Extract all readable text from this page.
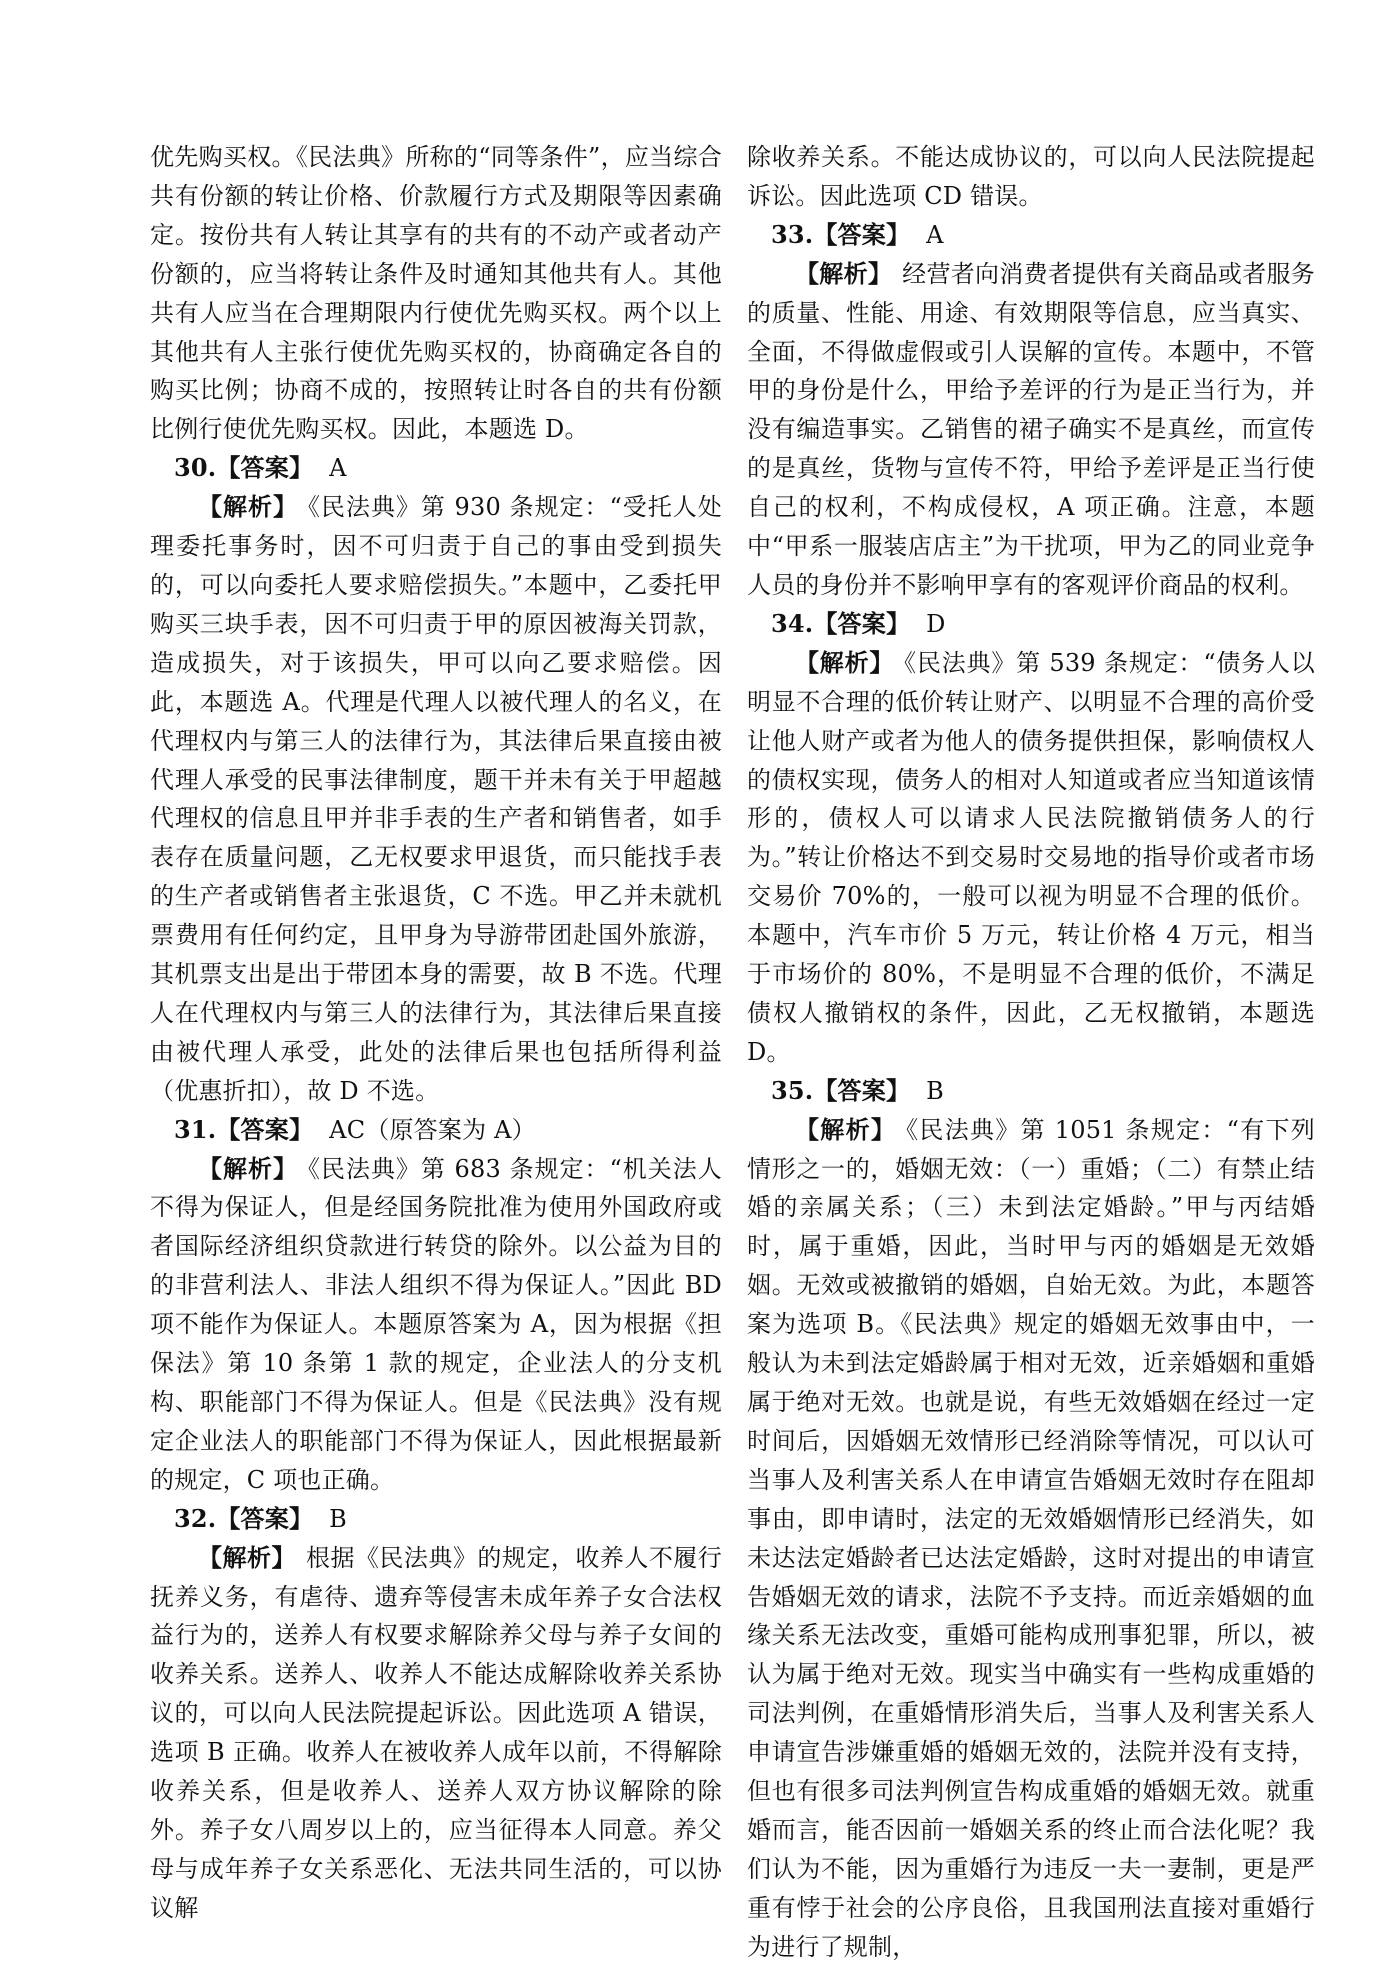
优先购买权。《民法典》所称的“同等条件”，应当综合共有份额的转让价格、价款履行方式及期限等因素确定。按份共有人转让其享有的共有的不动产或者动产份额的，应当将转让条件及时通知其他共有人。其他共有人应当在合理期限内行使优先购买权。两个以上其他共有人主张行使优先购买权的，协商确定各自的购买比例；协商不成的，按照转让时各自的共有份额比例行使优先购买权。因此，本题选 D。

30.【答案】 A

【解析】 《民法典》第 930 条规定：“受托人处理委托事务时，因不可归责于自己的事由受到损失的，可以向委托人要求赔偿损失。”本题中，乙委托甲购买三块手表，因不可归责于甲的原因被海关罚款，造成损失，对于该损失，甲可以向乙要求赔偿。因此，本题选 A。代理是代理人以被代理人的名义，在代理权内与第三人的法律行为，其法律后果直接由被代理人承受的民事法律制度，题干并未有关于甲超越代理权的信息且甲并非手表的生产者和销售者，如手表存在质量问题，乙无权要求甲退货，而只能找手表的生产者或销售者主张退货，C 不选。甲乙并未就机票费用有任何约定，且甲身为导游带团赴国外旅游，其机票支出是出于带团本身的需要，故 B 不选。代理人在代理权内与第三人的法律行为，其法律后果直接由被代理人承受，此处的法律后果也包括所得利益（优惠折扣），故 D 不选。

31.【答案】 AC（原答案为 A）

【解析】 《民法典》第 683 条规定：“机关法人不得为保证人，但是经国务院批准为使用外国政府或者国际经济组织贷款进行转贷的除外。以公益为目的的非营利法人、非法人组织不得为保证人。”因此 BD 项不能作为保证人。本题原答案为 A，因为根据《担保法》第 10 条第 1 款的规定，企业法人的分支机构、职能部门不得为保证人。但是《民法典》没有规定企业法人的职能部门不得为保证人，因此根据最新的规定，C 项也正确。

32.【答案】 B

【解析】 根据《民法典》的规定，收养人不履行抚养义务，有虐待、遗弃等侵害未成年养子女合法权益行为的，送养人有权要求解除养父母与养子女间的收养关系。送养人、收养人不能达成解除收养关系协议的，可以向人民法院提起诉讼。因此选项 A 错误，选项 B 正确。收养人在被收养人成年以前，不得解除收养关系，但是收养人、送养人双方协议解除的除外。养子女八周岁以上的，应当征得本人同意。养父母与成年养子女关系恶化、无法共同生活的，可以协议解

除收养关系。不能达成协议的，可以向人民法院提起诉讼。因此选项 CD 错误。

33.【答案】 A

【解析】 经营者向消费者提供有关商品或者服务的质量、性能、用途、有效期限等信息，应当真实、全面，不得做虚假或引人误解的宣传。本题中，不管甲的身份是什么，甲给予差评的行为是正当行为，并没有编造事实。乙销售的裙子确实不是真丝，而宣传的是真丝，货物与宣传不符，甲给予差评是正当行使自己的权利，不构成侵权，A 项正确。注意，本题中“甲系一服装店店主”为干扰项，甲为乙的同业竞争人员的身份并不影响甲享有的客观评价商品的权利。

34.【答案】 D

【解析】 《民法典》第 539 条规定：“债务人以明显不合理的低价转让财产、以明显不合理的高价受让他人财产或者为他人的债务提供担保，影响债权人的债权实现，债务人的相对人知道或者应当知道该情形的，债权人可以请求人民法院撤销债务人的行为。”转让价格达不到交易时交易地的指导价或者市场交易价 70%的，一般可以视为明显不合理的低价。本题中，汽车市价 5 万元，转让价格 4 万元，相当于市场价的 80%，不是明显不合理的低价，不满足债权人撤销权的条件，因此，乙无权撤销，本题选 D。

35.【答案】 B

【解析】 《民法典》第 1051 条规定：“有下列情形之一的，婚姻无效：（一）重婚；（二）有禁止结婚的亲属关系；（三）未到法定婚龄。”甲与丙结婚时，属于重婚，因此，当时甲与丙的婚姻是无效婚姻。无效或被撤销的婚姻，自始无效。为此，本题答案为选项 B。《民法典》规定的婚姻无效事由中，一般认为未到法定婚龄属于相对无效，近亲婚姻和重婚属于绝对无效。也就是说，有些无效婚姻在经过一定时间后，因婚姻无效情形已经消除等情况，可以认可当事人及利害关系人在申请宣告婚姻无效时存在阻却事由，即申请时，法定的无效婚姻情形已经消失，如未达法定婚龄者已达法定婚龄，这时对提出的申请宣告婚姻无效的请求，法院不予支持。而近亲婚姻的血缘关系无法改变，重婚可能构成刑事犯罪，所以，被认为属于绝对无效。现实当中确实有一些构成重婚的司法判例，在重婚情形消失后，当事人及利害关系人申请宣告涉嫌重婚的婚姻无效的，法院并没有支持，但也有很多司法判例宣告构成重婚的婚姻无效。就重婚而言，能否因前一婚姻关系的终止而合法化呢？我们认为不能，因为重婚行为违反一夫一妻制，更是严重有悖于社会的公序良俗，且我国刑法直接对重婚行为进行了规制，
